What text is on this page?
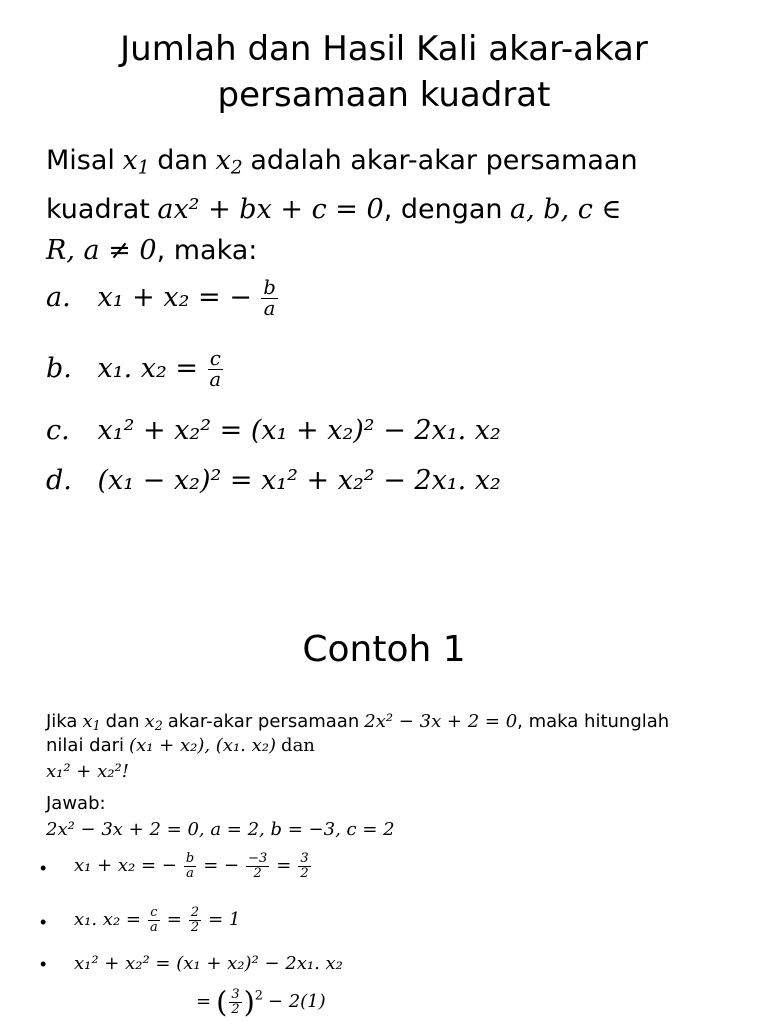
Jumlah dan Hasil Kali akar-akar
persamaan kuadrat
Misal $x_1$ dan $x_2$ adalah akar-akar persamaan
kuadrat ax² + bx + c = 0, dengan a, b, c ∈
R, a ≠ 0, maka:
a. x₁ + x₂ = − $\frac{b}{a}$
b. x₁. $x_2 = \frac{c}{a}$
c. x₁² + x₂² = (x₁ + x₂)² − 2x₁. x₂
d. (x₁ − x₂)² = x₁² + x₂² − 2x₁. x₂
Contoh 1
Jika $x_1$ dan $x_2$ akar-akar persamaan 2x² − 3x + 2 = 0, maka hitunglah
nilai dari (x₁ + x₂), (x₁. x₂) dan
x₁² + x₂²!
Jawab:
2x² − 3x + 2 = 0, a = 2, b = −3, c = 2
• x₁ + x₂ = − $\frac{b}{a}$ = − $\frac{-3}{2} = \frac{3}{2}$
• x₁. $x_2 = \frac{c}{a} = \frac{2}{2} = 1$
• x₁² + x₂² = (x₁ + x₂)² − 2x₁. x₂
= ( $\frac{3}{2} )^2 - 2(1)$
